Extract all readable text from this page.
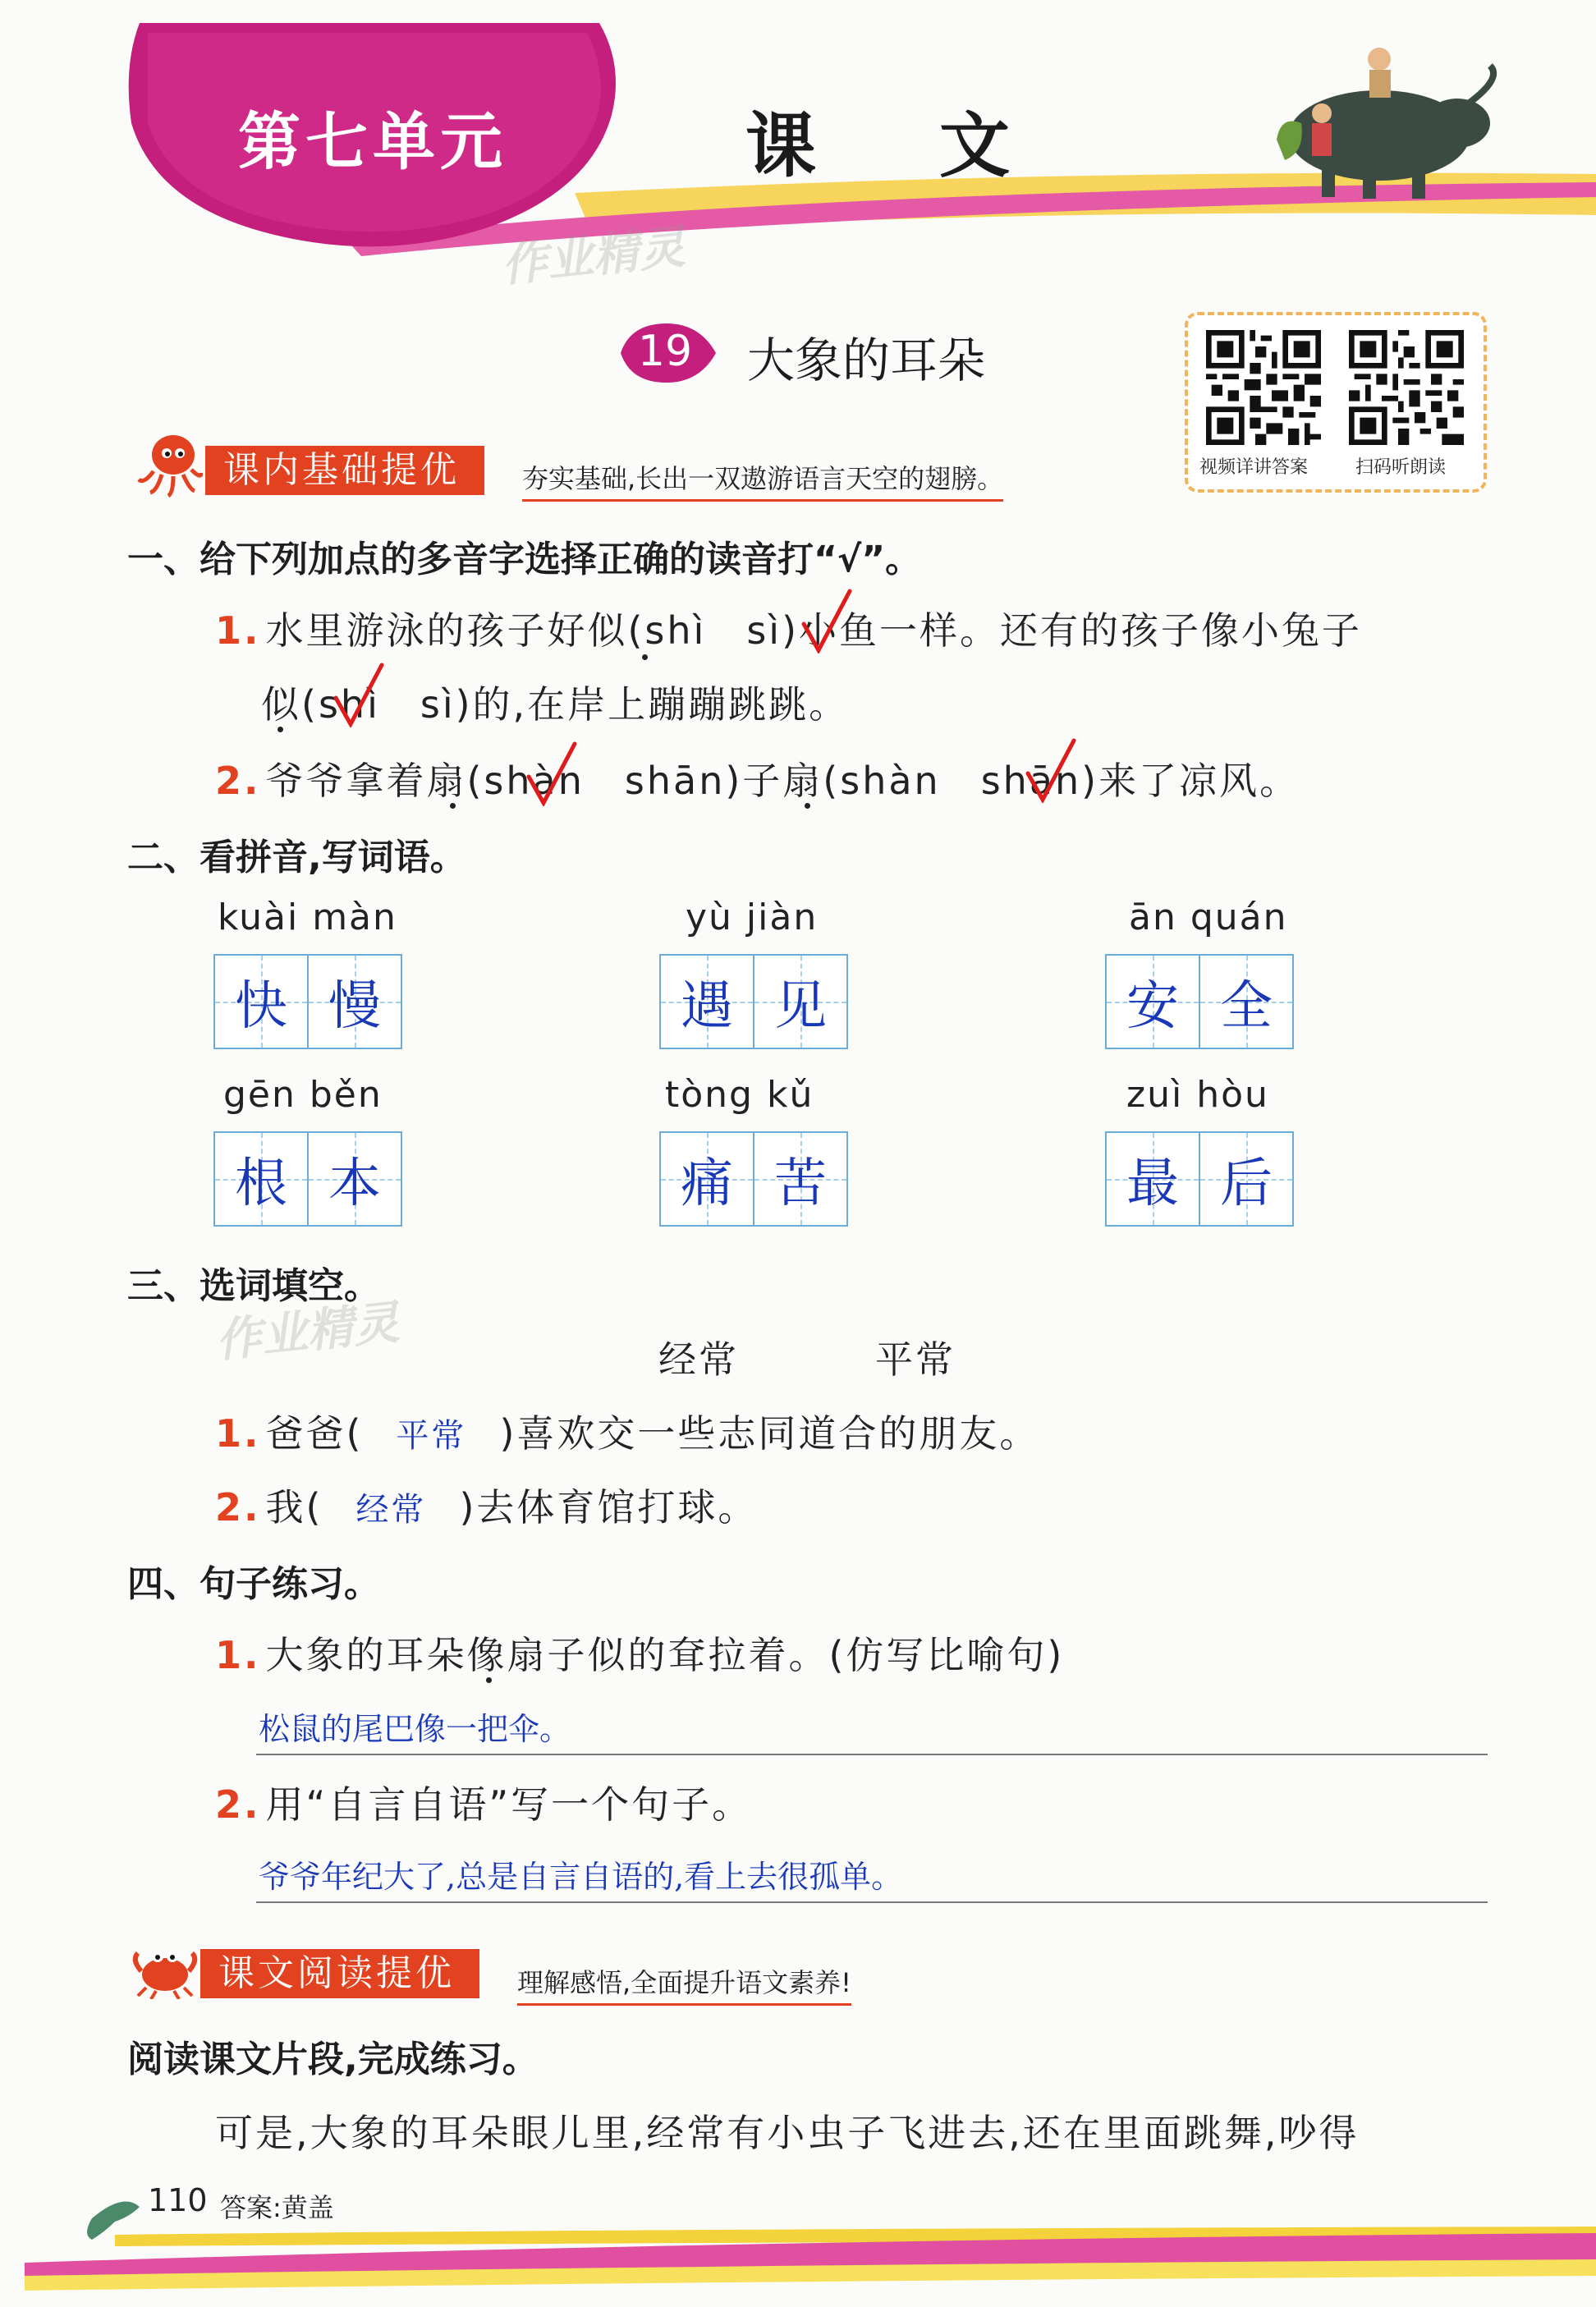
第七单元	课文
作业精灵
19 大象的耳朵
视频详讲答案	扫码听朗读
课内基础提优	夯实基础,长出一双遨游语言天空的翅膀。
一、给下列加点的多音字选择正确的读音打“√”。
1. 水里游泳的孩子好似(shì　sì)小鱼一样。还有的孩子像小兔子
似(shì　sì)的,在岸上蹦蹦跳跳。
2. 爷爷拿着扇(shàn　shān)子扇(shàn　shān)来了凉风。
二、看拼音,写词语。
kuài màn
快 慢
yù jiàn
遇 见
ān quán
安 全
gēn běn
根 本
tòng kǔ
痛 苦
zuì hòu
最 后
三、选词填空。
作业精灵	经常	平常
1. 爸爸( 平常 )喜欢交一些志同道合的朋友。
2. 我( 经常 )去体育馆打球。
四、句子练习。
1. 大象的耳朵像扇子似的耷拉着。(仿写比喻句)
松鼠的尾巴像一把伞。
2. 用“自言自语”写一个句子。
爷爷年纪大了,总是自言自语的,看上去很孤单。
课文阅读提优	理解感悟,全面提升语文素养!
阅读课文片段,完成练习。
可是,大象的耳朵眼儿里,经常有小虫子飞进去,还在里面跳舞,吵得
110 答案:黄盖
